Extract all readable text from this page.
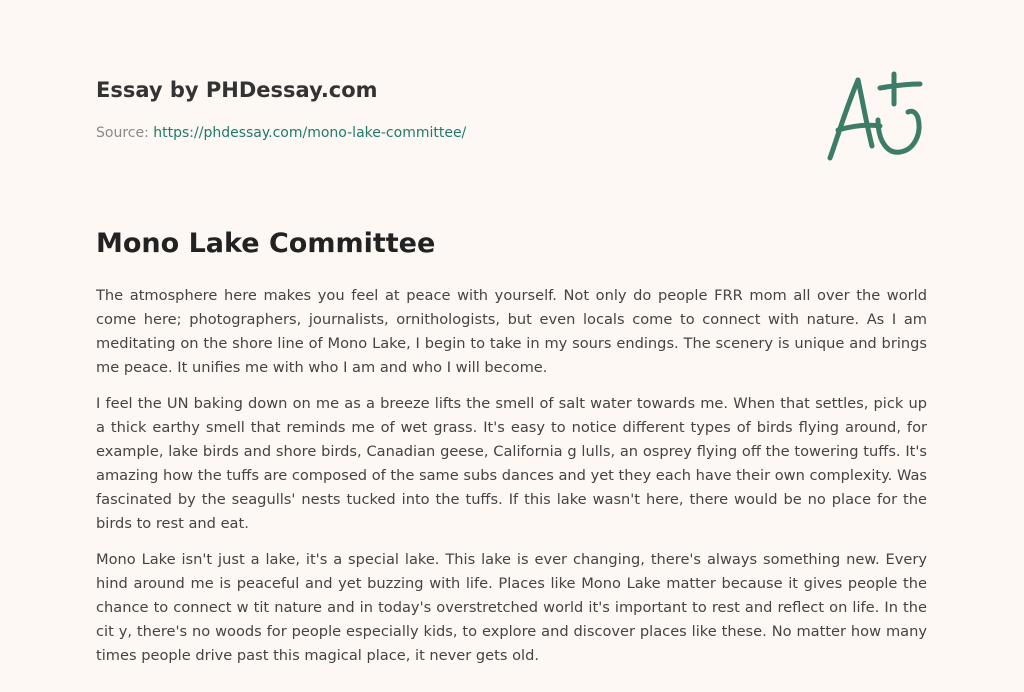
Essay by PHDessay.com
Source: https://phdessay.com/mono-lake-committee/
Mono Lake Committee

The atmosphere here makes you feel at peace with yourself. Not only do people FRR mom all over the world come here; photographers, journalists, ornithologists, but even locals come to connect with nature. As I am meditating on the shore line of Mono Lake, I begin to take in my sours endings. The scenery is unique and brings me peace. It unifies me with who I am and who I will become.

I feel the UN baking down on me as a breeze lifts the smell of salt water towards me. When that settles, pick up a thick earthy smell that reminds me of wet grass. It's easy to notice different types of birds flying around, for example, lake birds and shore birds, Canadian geese, California g lulls, an osprey flying off the towering tuffs. It's amazing how the tuffs are composed of the same subs dances and yet they each have their own complexity. Was fascinated by the seagulls' nests tucked into the tuffs. If this lake wasn't here, there would be no place for the birds to rest and eat.

Mono Lake isn't just a lake, it's a special lake. This lake is ever changing, there's always something new. Every hind around me is peaceful and yet buzzing with life. Places like Mono Lake matter because it gives people the chance to connect w tit nature and in today's overstretched world it's important to rest and reflect on life. In the cit y, there's no woods for people especially kids, to explore and discover places like these. No matter how many times people drive past this magical place, it never gets old.
